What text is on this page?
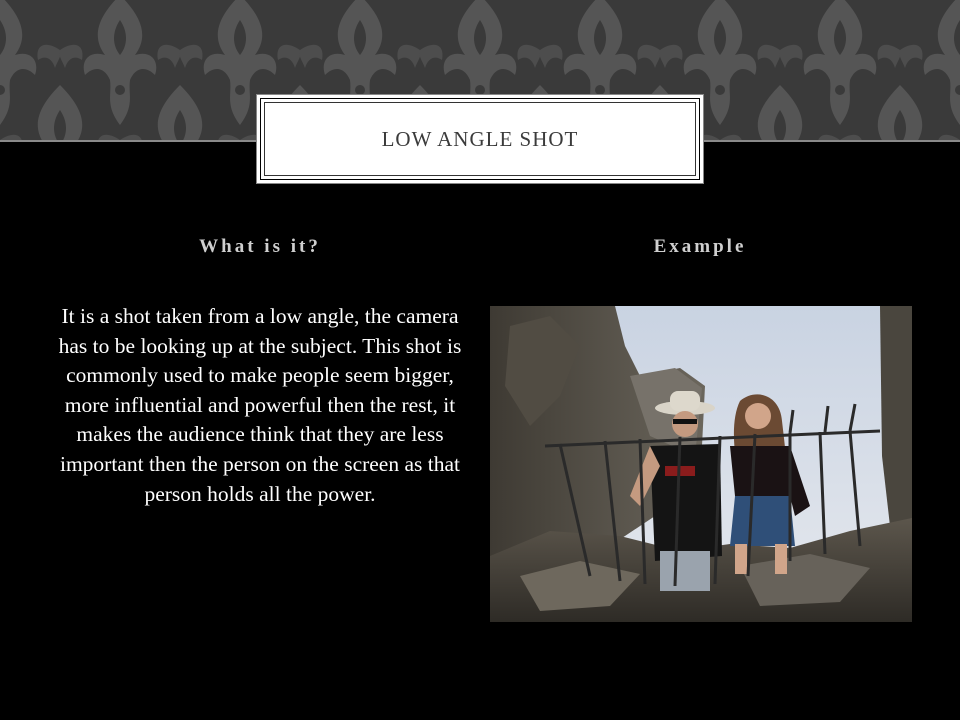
LOW ANGLE SHOT
What is it?	Example
It is a shot taken from a low angle, the camera has to be looking up at the subject. This shot is commonly used to make people seem bigger, more influential and powerful then the rest, it makes the audience think that they are less important then the person on the screen as that person holds all the power.
